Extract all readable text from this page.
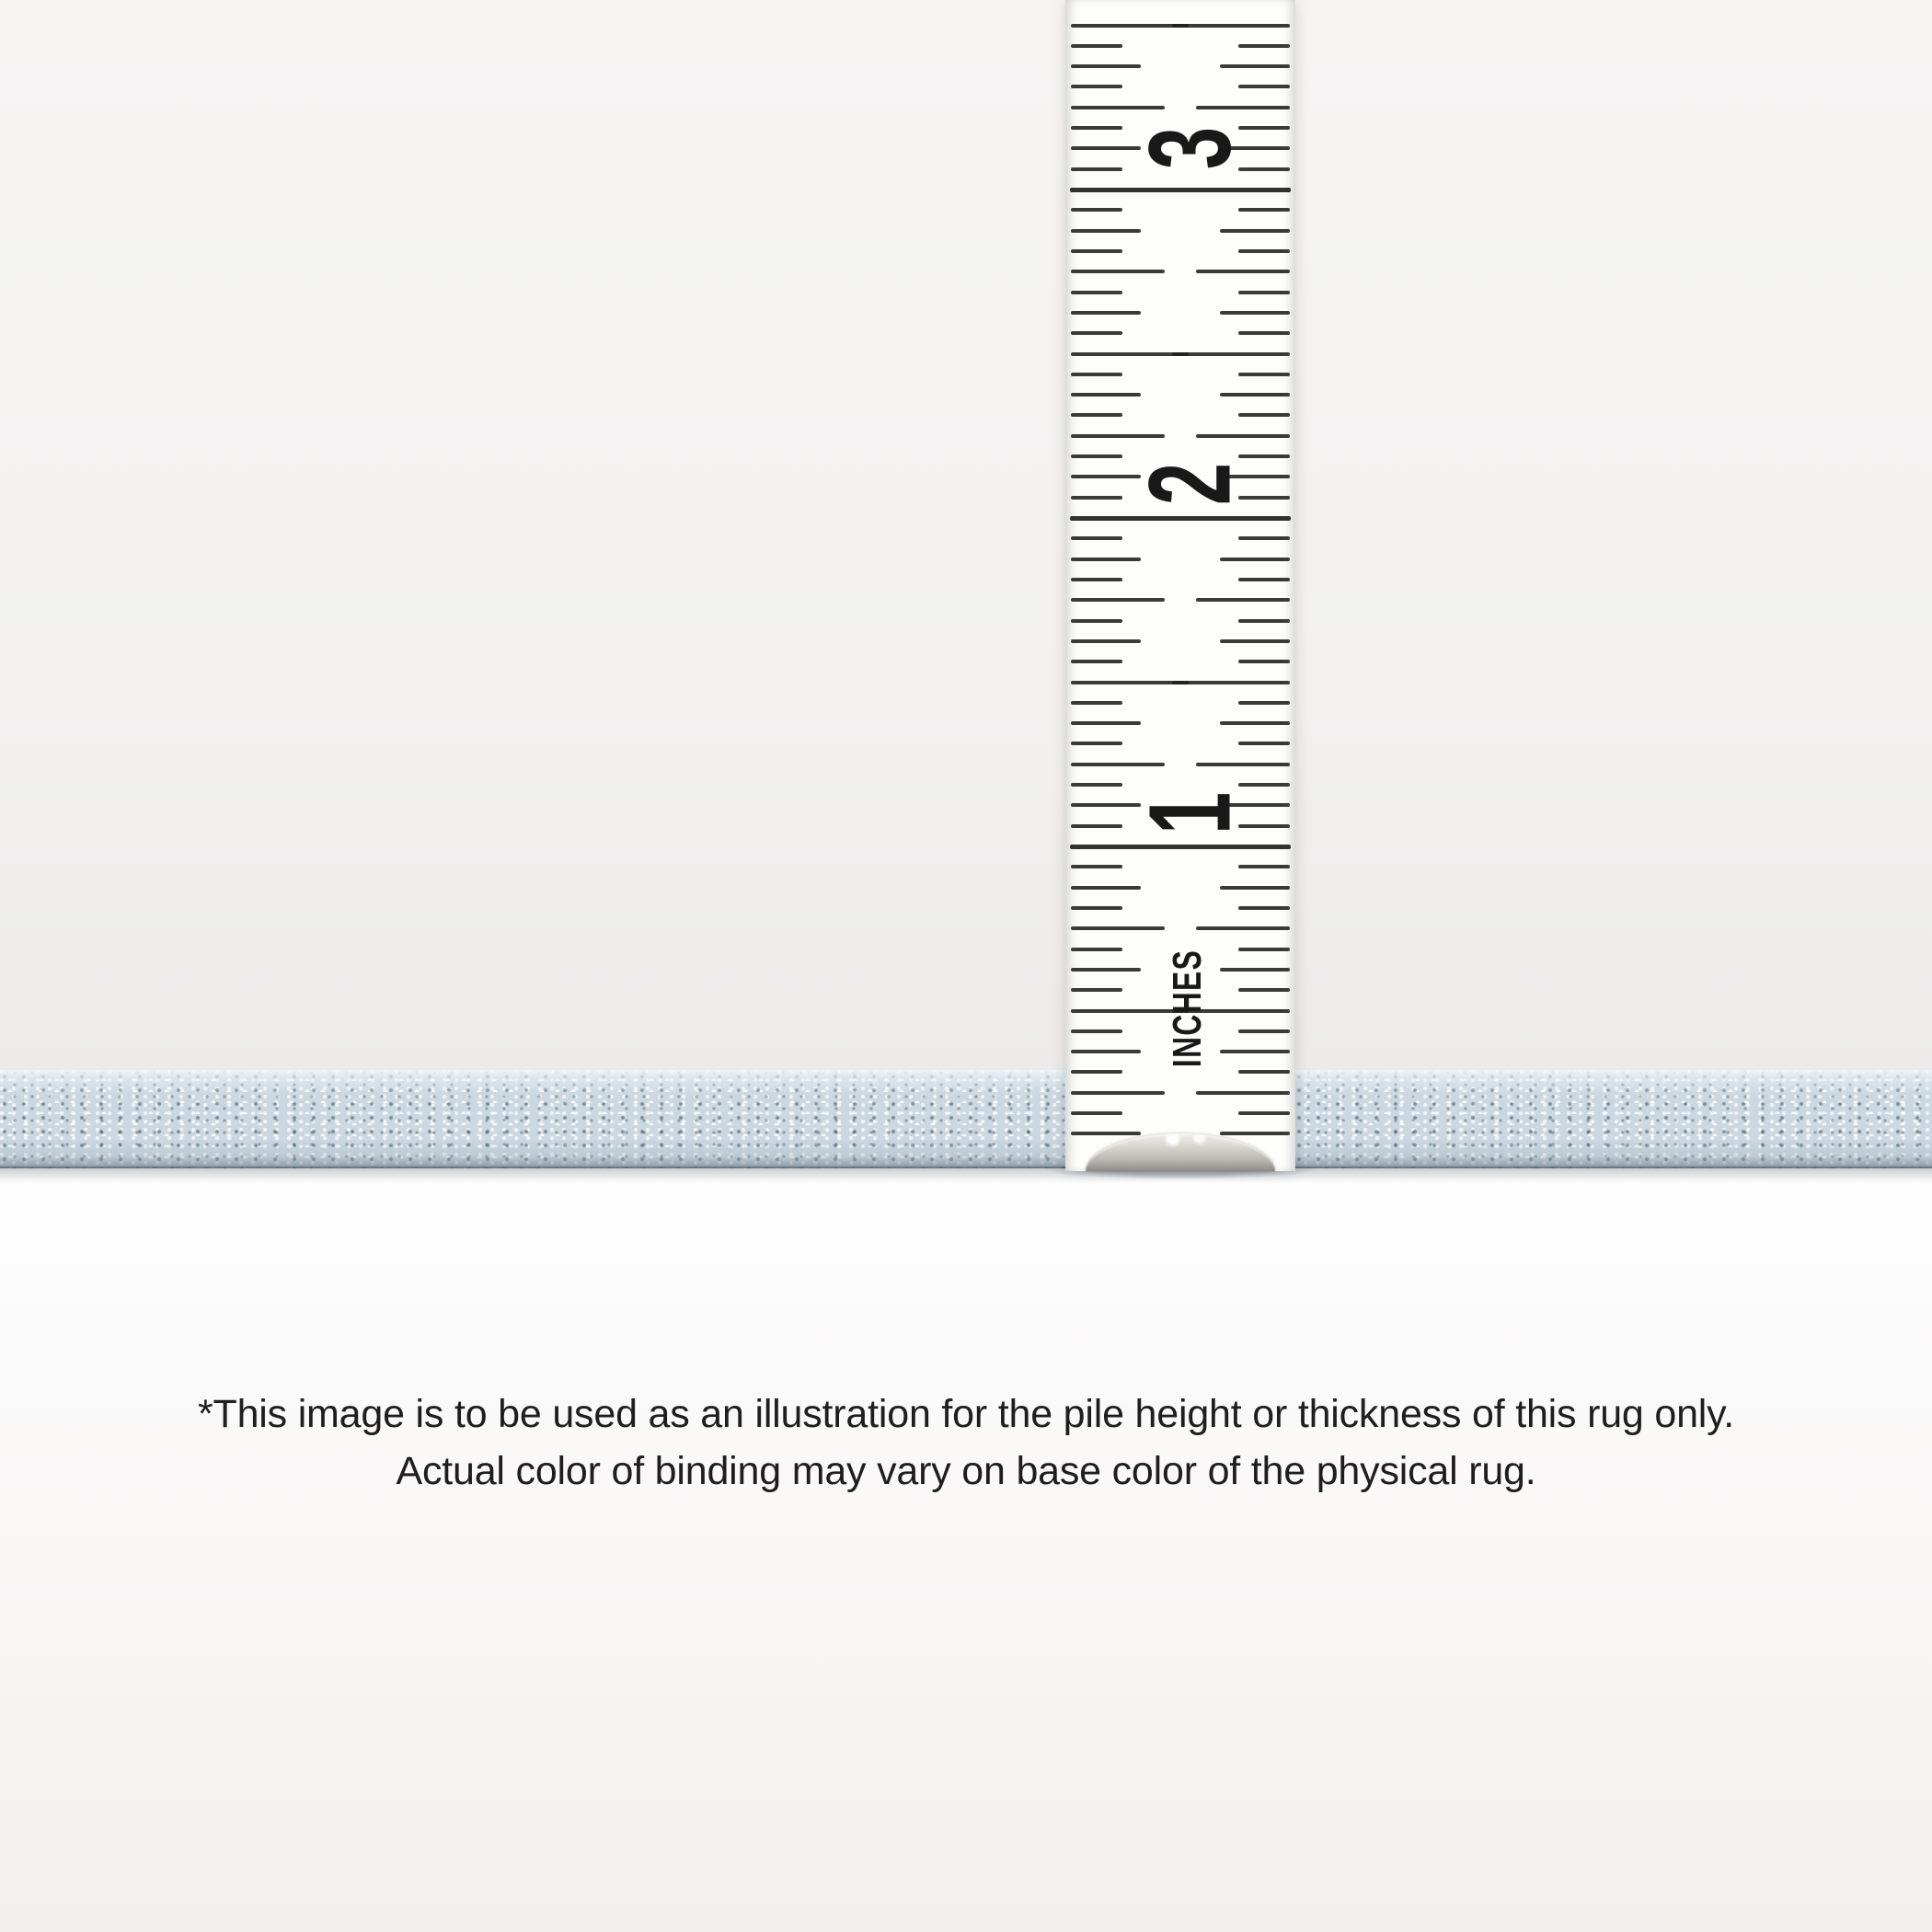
3
2
1
INCHES
*This image is to be used as an illustration for the pile height or thickness of this rug only.
Actual color of binding may vary on base color of the physical rug.
